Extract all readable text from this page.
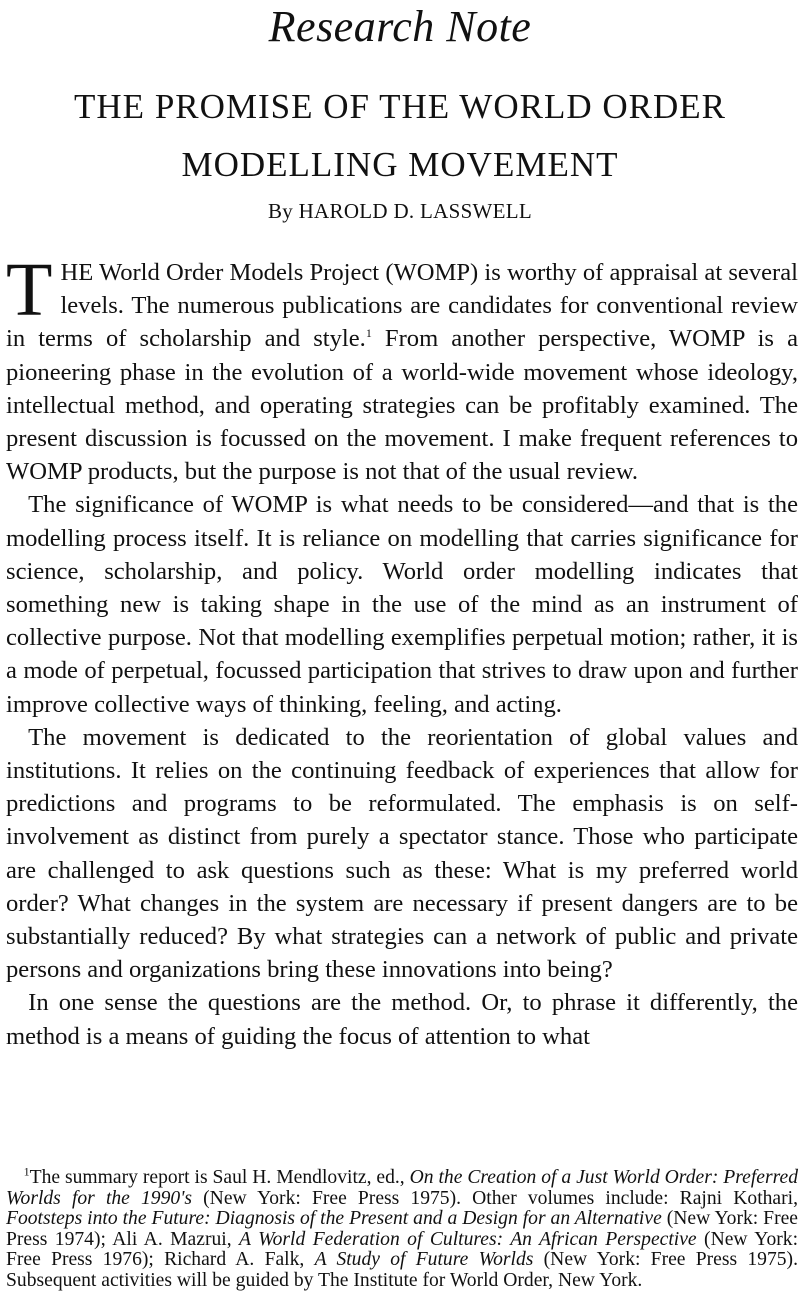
Research Note
THE PROMISE OF THE WORLD ORDER
MODELLING MOVEMENT
By HAROLD D. LASSWELL

THE World Order Models Project (WOMP) is worthy of appraisal at several levels. The numerous publications are candidates for conventional review in terms of scholarship and style.$^1$ From another perspective, WOMP is a pioneering phase in the evolution of a world-wide movement whose ideology, intellectual method, and operating strategies can be profitably examined. The present discussion is focussed on the movement. I make frequent references to WOMP products, but the purpose is not that of the usual review.

The significance of WOMP is what needs to be considered—and that is the modelling process itself. It is reliance on modelling that carries significance for science, scholarship, and policy. World order modelling indicates that something new is taking shape in the use of the mind as an instrument of collective purpose. Not that modelling exemplifies perpetual motion; rather, it is a mode of perpetual, focussed participation that strives to draw upon and further improve collective ways of thinking, feeling, and acting.

The movement is dedicated to the reorientation of global values and institutions. It relies on the continuing feedback of experiences that allow for predictions and programs to be reformulated. The emphasis is on self-involvement as distinct from purely a spectator stance. Those who participate are challenged to ask questions such as these: What is my preferred world order? What changes in the system are necessary if present dangers are to be substantially reduced? By what strategies can a network of public and private persons and organizations bring these innovations into being?

In one sense the questions are the method. Or, to phrase it differently, the method is a means of guiding the focus of attention to what

$^1$The summary report is Saul H. Mendlovitz, ed., On the Creation of a Just World Order: Preferred Worlds for the 1990's (New York: Free Press 1975). Other volumes include: Rajni Kothari, Footsteps into the Future: Diagnosis of the Present and a Design for an Alternative (New York: Free Press 1974); Ali A. Mazrui, A World Federation of Cultures: An African Perspective (New York: Free Press 1976); Richard A. Falk, A Study of Future Worlds (New York: Free Press 1975). Subsequent activities will be guided by The Institute for World Order, New York.
